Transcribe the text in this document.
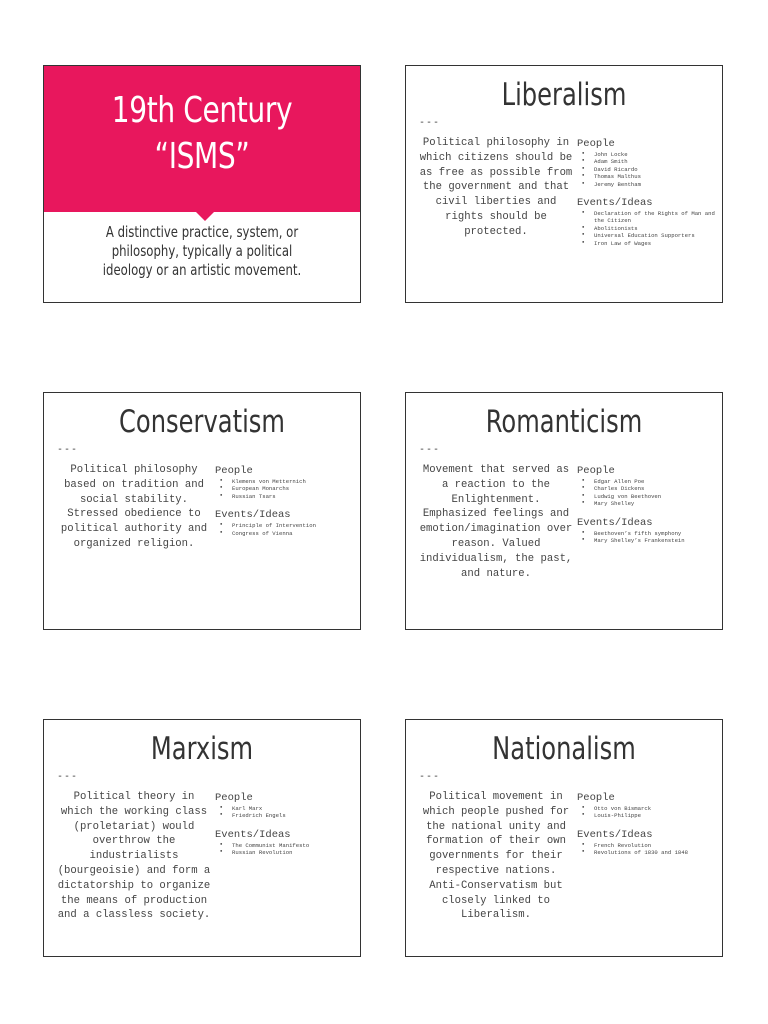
19th Century
“ISMS”
A distinctive practice, system, or philosophy, typically a political ideology or an artistic movement.
Liberalism
---
Political philosophy in which citizens should be as free as possible from the government and that civil liberties and rights should be protected.

People

● John Locke
● Adam Smith
● David Ricardo
● Thomas Malthus
● Jeremy Bentham

Events/Ideas

● Declaration of the Rights of Man and the Citizen
● Abolitionists
● Universal Education Supporters
● Iron Law of Wages
Conservatism
---
Political philosophy based on tradition and social stability. Stressed obedience to political authority and organized religion.

People

● Klemens von Metternich
● European Monarchs
● Russian Tsars

Events/Ideas

● Principle of Intervention
● Congress of Vienna
Romanticism
---
Movement that served as a reaction to the Enlightenment. Emphasized feelings and emotion/imagination over reason. Valued individualism, the past, and nature.

People

● Edgar Allen Poe
● Charles Dickens
● Ludwig von Beethoven
● Mary Shelley

Events/Ideas

● Beethoven’s fifth symphony
● Mary Shelley’s Frankenstein
Marxism
---
Political theory in which the working class (proletariat) would overthrow the industrialists (bourgeoisie) and form a dictatorship to organize the means of production and a classless society.

People

● Karl Marx
● Friedrich Engels

Events/Ideas

● The Communist Manifesto
● Russian Revolution
Nationalism
---
Political movement in which people pushed for the national unity and formation of their own governments for their respective nations. Anti-Conservatism but closely linked to Liberalism.

People

● Otto von Bismarck
● Louis-Philippe

Events/Ideas

● French Revolution
● Revolutions of 1830 and 1848
